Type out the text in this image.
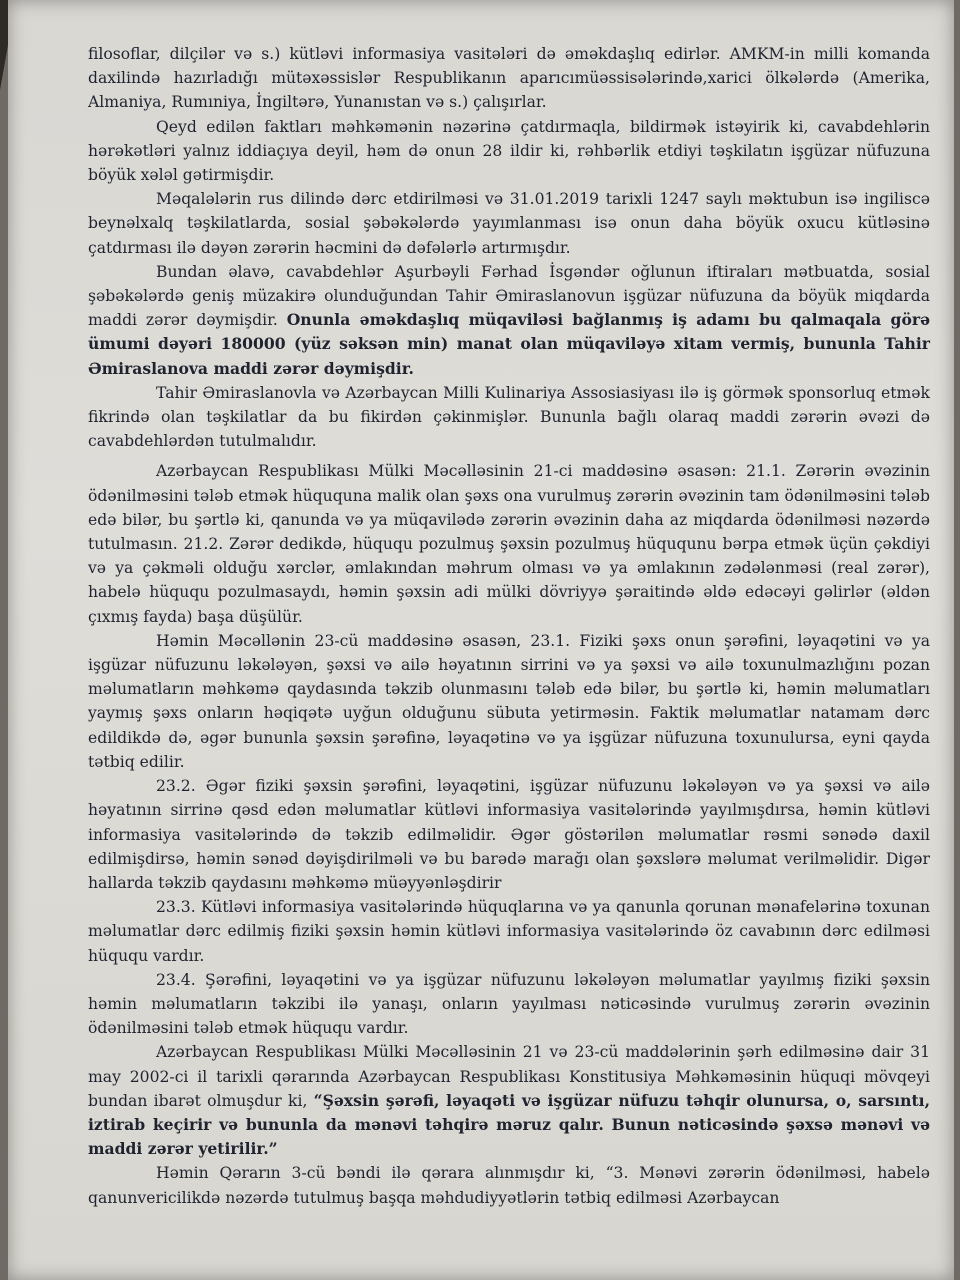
filosoflar, dilçilər və s.) kütləvi informasiya vasitələri də əməkdaşlıq edirlər. AMKM-in milli komanda daxilində hazırladığı mütəxəssislər Respublikanın aparıcımüəssisələrində,xarici ölkələrdə (Amerika, Almaniya, Rumıniya, İngiltərə, Yunanıstan və s.) çalışırlar.

Qeyd edilən faktları məhkəmənin nəzərinə çatdırmaqla, bildirmək istəyirik ki, cavabdehlərin hərəkətləri yalnız iddiaçıya deyil, həm də onun 28 ildir ki, rəhbərlik etdiyi təşkilatın işgüzar nüfuzuna böyük xələl gətirmişdir.

Məqalələrin rus dilində dərc etdirilməsi və 31.01.2019 tarixli 1247 saylı məktubun isə ingiliscə beynəlxalq təşkilatlarda, sosial şəbəkələrdə yayımlanması isə onun daha böyük oxucu kütləsinə çatdırması ilə dəyən zərərin həcmini də dəfələrlə artırmışdır.

Bundan əlavə, cavabdehlər Aşurbəyli Fərhad İsgəndər oğlunun iftiraları mətbuatda, sosial şəbəkələrdə geniş müzakirə olunduğundan Tahir Əmiraslanovun işgüzar nüfuzuna da böyük miqdarda maddi zərər dəymişdir. Onunla əməkdaşlıq müqaviləsi bağlanmış iş adamı bu qalmaqala görə ümumi dəyəri 180000 (yüz səksən min) manat olan müqaviləyə xitam vermiş, bununla Tahir Əmiraslanova maddi zərər dəymişdir.

Tahir Əmiraslanovla və Azərbaycan Milli Kulinariya Assosiasiyası ilə iş görmək sponsorluq etmək fikrində olan təşkilatlar da bu fikirdən çəkinmişlər. Bununla bağlı olaraq maddi zərərin əvəzi də cavabdehlərdən tutulmalıdır.

Azərbaycan Respublikası Mülki Məcəlləsinin 21-ci maddəsinə əsasən: 21.1. Zərərin əvəzinin ödənilməsini tələb etmək hüququna malik olan şəxs ona vurulmuş zərərin əvəzinin tam ödənilməsini tələb edə bilər, bu şərtlə ki, qanunda və ya müqavilədə zərərin əvəzinin daha az miqdarda ödənilməsi nəzərdə tutulmasın. 21.2. Zərər dedikdə, hüququ pozulmuş şəxsin pozulmuş hüququnu bərpa etmək üçün çəkdiyi və ya çəkməli olduğu xərclər, əmlakından məhrum olması və ya əmlakının zədələnməsi (real zərər), habelə hüququ pozulmasaydı, həmin şəxsin adi mülki dövriyyə şəraitində əldə edəcəyi gəlirlər (əldən çıxmış fayda) başa düşülür.

Həmin Məcəllənin 23-cü maddəsinə əsasən, 23.1. Fiziki şəxs onun şərəfini, ləyaqətini və ya işgüzar nüfuzunu ləkələyən, şəxsi və ailə həyatının sirrini və ya şəxsi və ailə toxunulmazlığını pozan məlumatların məhkəmə qaydasında təkzib olunmasını tələb edə bilər, bu şərtlə ki, həmin məlumatları yaymış şəxs onların həqiqətə uyğun olduğunu sübuta yetirməsin. Faktik məlumatlar natamam dərc edildikdə də, əgər bununla şəxsin şərəfinə, ləyaqətinə və ya işgüzar nüfuzuna toxunulursa, eyni qayda tətbiq edilir.

23.2. Əgər fiziki şəxsin şərəfini, ləyaqətini, işgüzar nüfuzunu ləkələyən və ya şəxsi və ailə həyatının sirrinə qəsd edən məlumatlar kütləvi informasiya vasitələrində yayılmışdırsa, həmin kütləvi informasiya vasitələrində də təkzib edilməlidir. Əgər göstərilən məlumatlar rəsmi sənədə daxil edilmişdirsə, həmin sənəd dəyişdirilməli və bu barədə marağı olan şəxslərə məlumat verilməlidir. Digər hallarda təkzib qaydasını məhkəmə müəyyənləşdirir

23.3. Kütləvi informasiya vasitələrində hüquqlarına və ya qanunla qorunan mənafelərinə toxunan məlumatlar dərc edilmiş fiziki şəxsin həmin kütləvi informasiya vasitələrində öz cavabının dərc edilməsi hüququ vardır.

23.4. Şərəfini, ləyaqətini və ya işgüzar nüfuzunu ləkələyən məlumatlar yayılmış fiziki şəxsin həmin məlumatların təkzibi ilə yanaşı, onların yayılması nəticəsində vurulmuş zərərin əvəzinin ödənilməsini tələb etmək hüququ vardır.

Azərbaycan Respublikası Mülki Məcəlləsinin 21 və 23-cü maddələrinin şərh edilməsinə dair 31 may 2002-ci il tarixli qərarında Azərbaycan Respublikası Konstitusiya Məhkəməsinin hüquqi mövqeyi bundan ibarət olmuşdur ki, “Şəxsin şərəfi, ləyaqəti və işgüzar nüfuzu təhqir olunursa, o, sarsıntı, iztirab keçirir və bununla da mənəvi təhqirə məruz qalır. Bunun nəticəsində şəxsə mənəvi və maddi zərər yetirilir.”

Həmin Qərarın 3-cü bəndi ilə qərara alınmışdır ki, “3. Mənəvi zərərin ödənilməsi, habelə qanunvericilikdə nəzərdə tutulmuş başqa məhdudiyyətlərin tətbiq edilməsi Azərbaycan
